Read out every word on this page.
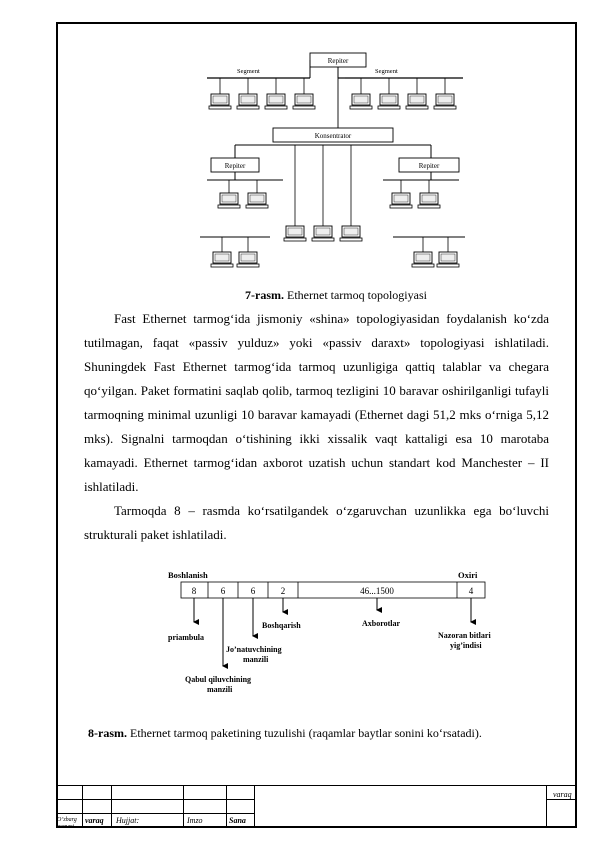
Repiter
Segment	Segment
Konsentrator
Repiter	Repiter
7-rasm. Ethernet tarmoq topologiyasi

Fast Ethernet tarmog‘ida jismoniy «shina» topologiyasidan foydalanish ko‘zda tutilmagan, faqat «passiv yulduz» yoki «passiv daraxt» topologiyasi ishlatiladi. Shuningdek Fast Ethernet tarmog‘ida tarmoq uzunligiga qattiq talablar va chegara qo‘yilgan. Paket formatini saqlab qolib, tarmoq tezligini 10 baravar oshirilganligi tufayli tarmoqning minimal uzunligi 10 baravar kamayadi (Ethernet dagi 51,2 mks o‘rniga 5,12 mks). Signalni tarmoqdan o‘tishining ikki xissalik vaqt kattaligi esa 10 marotaba kamayadi. Ethernet tarmog‘idan axborot uzatish uchun standart kod Manchester – II ishlatiladi.

Tarmoqda 8 – rasmda ko‘rsatilgandek o‘zgaruvchan uzunlikka ega bo‘luvchi strukturali paket ishlatiladi.

Boshlanish	Oxiri
8	6	6	2	46...1500	4
priambula
Qabul qiluvchining
manzili
Jo’natuvchining
manzili
Boshqarish	Axborotlar
Nazoran bitlari
yig’indisi
8-rasm. Ethernet tarmoq paketining tuzulishi (raqamlar baytlar sonini ko‘rsatadi).
varaq
O’zbarg varaq Hujjat:	Imzo	Sana
nomeri
